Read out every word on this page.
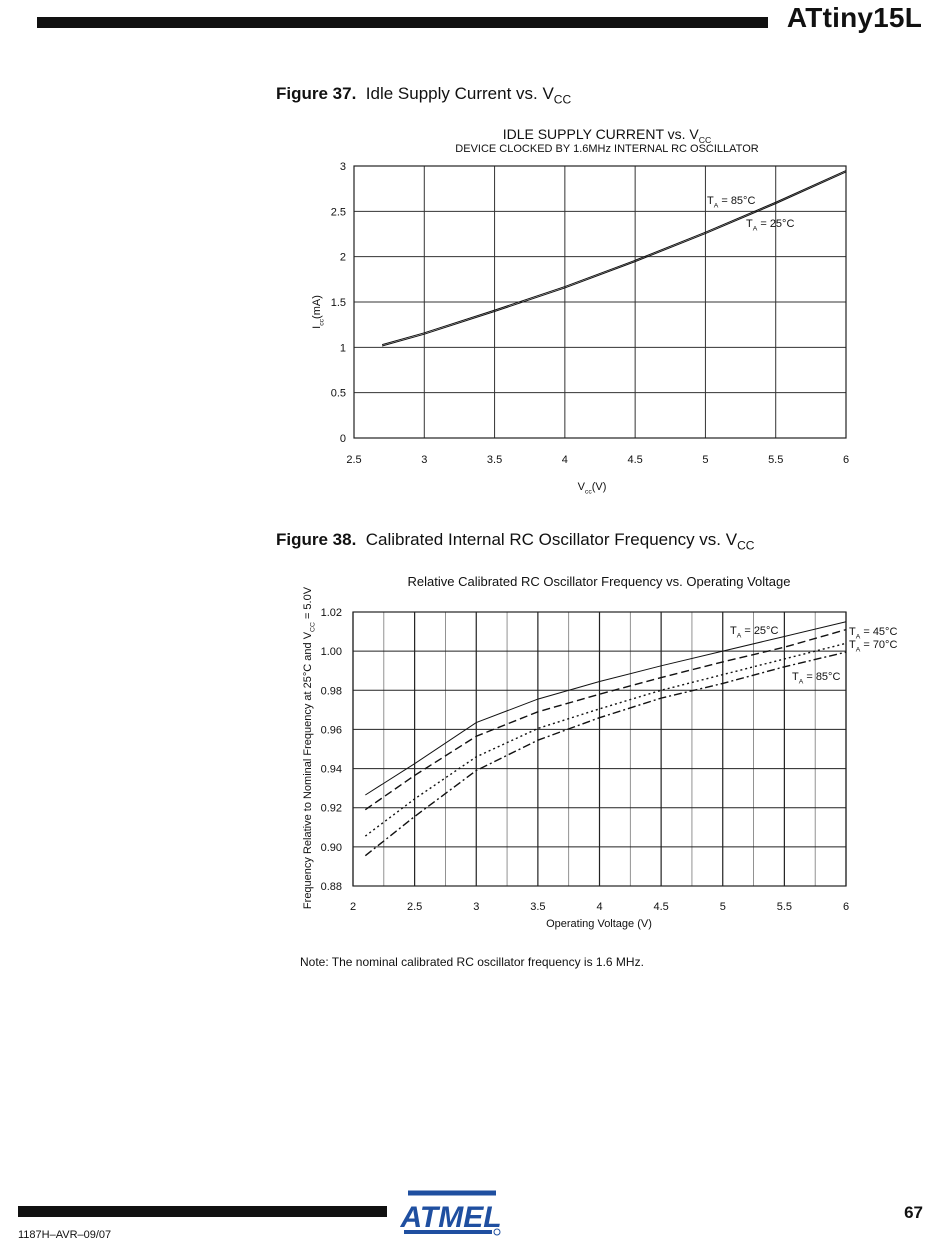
ATtiny15L
Figure 37. Idle Supply Current vs. $V_{CC}$
IDLE SUPPLY CURRENT vs. $V_{CC}$
DEVICE CLOCKED BY 1.6MHz INTERNAL RC OSCILLATOR
2.5	3	3.5	4	4.5	5	5.5	6
0
0.5
1
1.5
2
2.5
3
$V_{cc}(V)$
$I_{cc}(mA)$
$T_A = 85^\circ C$
$T_A = 25^\circ C$
Relative Calibrated RC Oscillator Frequency vs. Operating Voltage
2	2.5	3	3.5	4	4.5	5	5.5	6
0.88
0.90
0.92
0.94
0.96
0.98
1.00
1.02
Operating Voltage (V)
Frequency Relative to Nominal Frequency at 25°C and $V_{CC} = 5.0V$
$T_A = 25^\circ C$	$T_A = 45^\circ C$
$T_A = 70^\circ C$
$T_A = 85^\circ C$
Figure 38. Calibrated Internal RC Oscillator Frequency vs. $V_{CC}$
Note: The nominal calibrated RC oscillator frequency is 1.6 MHz.
1187H–AVR–09/07
67
ATMEL
